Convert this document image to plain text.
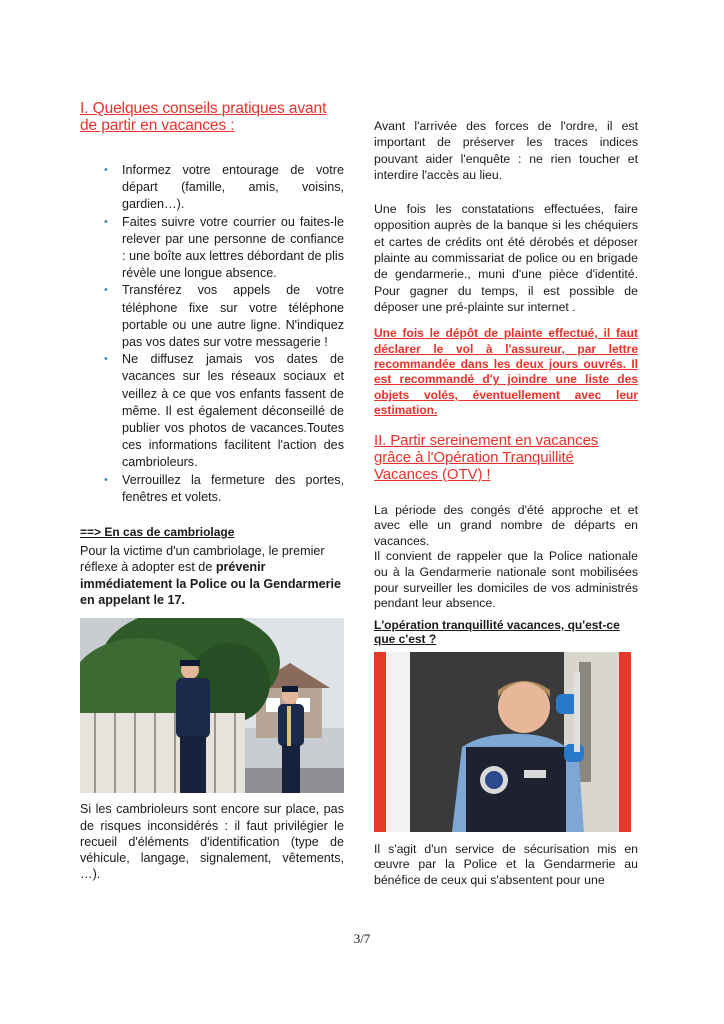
I. Quelques conseils pratiques avant de partir en vacances :
• Informez votre entourage de votre départ (famille, amis, voisins, gardien…).
• Faites suivre votre courrier ou faites-le relever par une personne de confiance : une boîte aux lettres débordant de plis révèle une longue absence.
• Transférez vos appels de votre téléphone fixe sur votre téléphone portable ou une autre ligne. N'indiquez pas vos dates sur votre messagerie !
• Ne diffusez jamais vos dates de vacances sur les réseaux sociaux et veillez à ce que vos enfants fassent de même. Il est également déconseillé de publier vos photos de vacances.Toutes ces informations facilitent l'action des cambrioleurs.
• Verrouillez la fermeture des portes, fenêtres et volets.
==> En cas de cambriolage

Pour la victime d'un cambriolage, le premier réflexe à adopter est de prévenir immédiatement la Police ou la Gendarmerie en appelant le 17.

Si les cambrioleurs sont encore sur place, pas de risques inconsidérés : il faut privilégier le recueil d'éléments d'identification (type de véhicule, langage, signalement, vêtements, …).

Avant l'arrivée des forces de l'ordre, il est important de préserver les traces indices pouvant aider l'enquête : ne rien toucher et interdire l'accès au lieu.

Une fois les constatations effectuées, faire opposition auprès de la banque si les chéquiers et cartes de crédits ont été dérobés et déposer plainte au commissariat de police ou en brigade de gendarmerie., muni d'une pièce d'identité. Pour gagner du temps, il est possible de déposer une pré-plainte sur internet .

Une fois le dépôt de plainte effectué, il faut déclarer le vol à l'assureur, par lettre recommandée dans les deux jours ouvrés. Il est recommandé d'y joindre une liste des objets volés, éventuellement avec leur estimation.

II. Partir sereinement en vacances grâce à l'Opération Tranquillité Vacances (OTV) !

La période des congés d'été approche et et avec elle un grand nombre de départs en vacances.

Il convient de rappeler que la Police nationale ou à la Gendarmerie nationale sont mobilisées pour surveiller les domiciles de vos administrés pendant leur absence.

L'opération tranquillité vacances, qu'est-ce que c'est ?

Il s'agit d'un service de sécurisation mis en œuvre par la Police et la Gendarmerie au bénéfice de ceux qui s'absentent pour une

3/7
